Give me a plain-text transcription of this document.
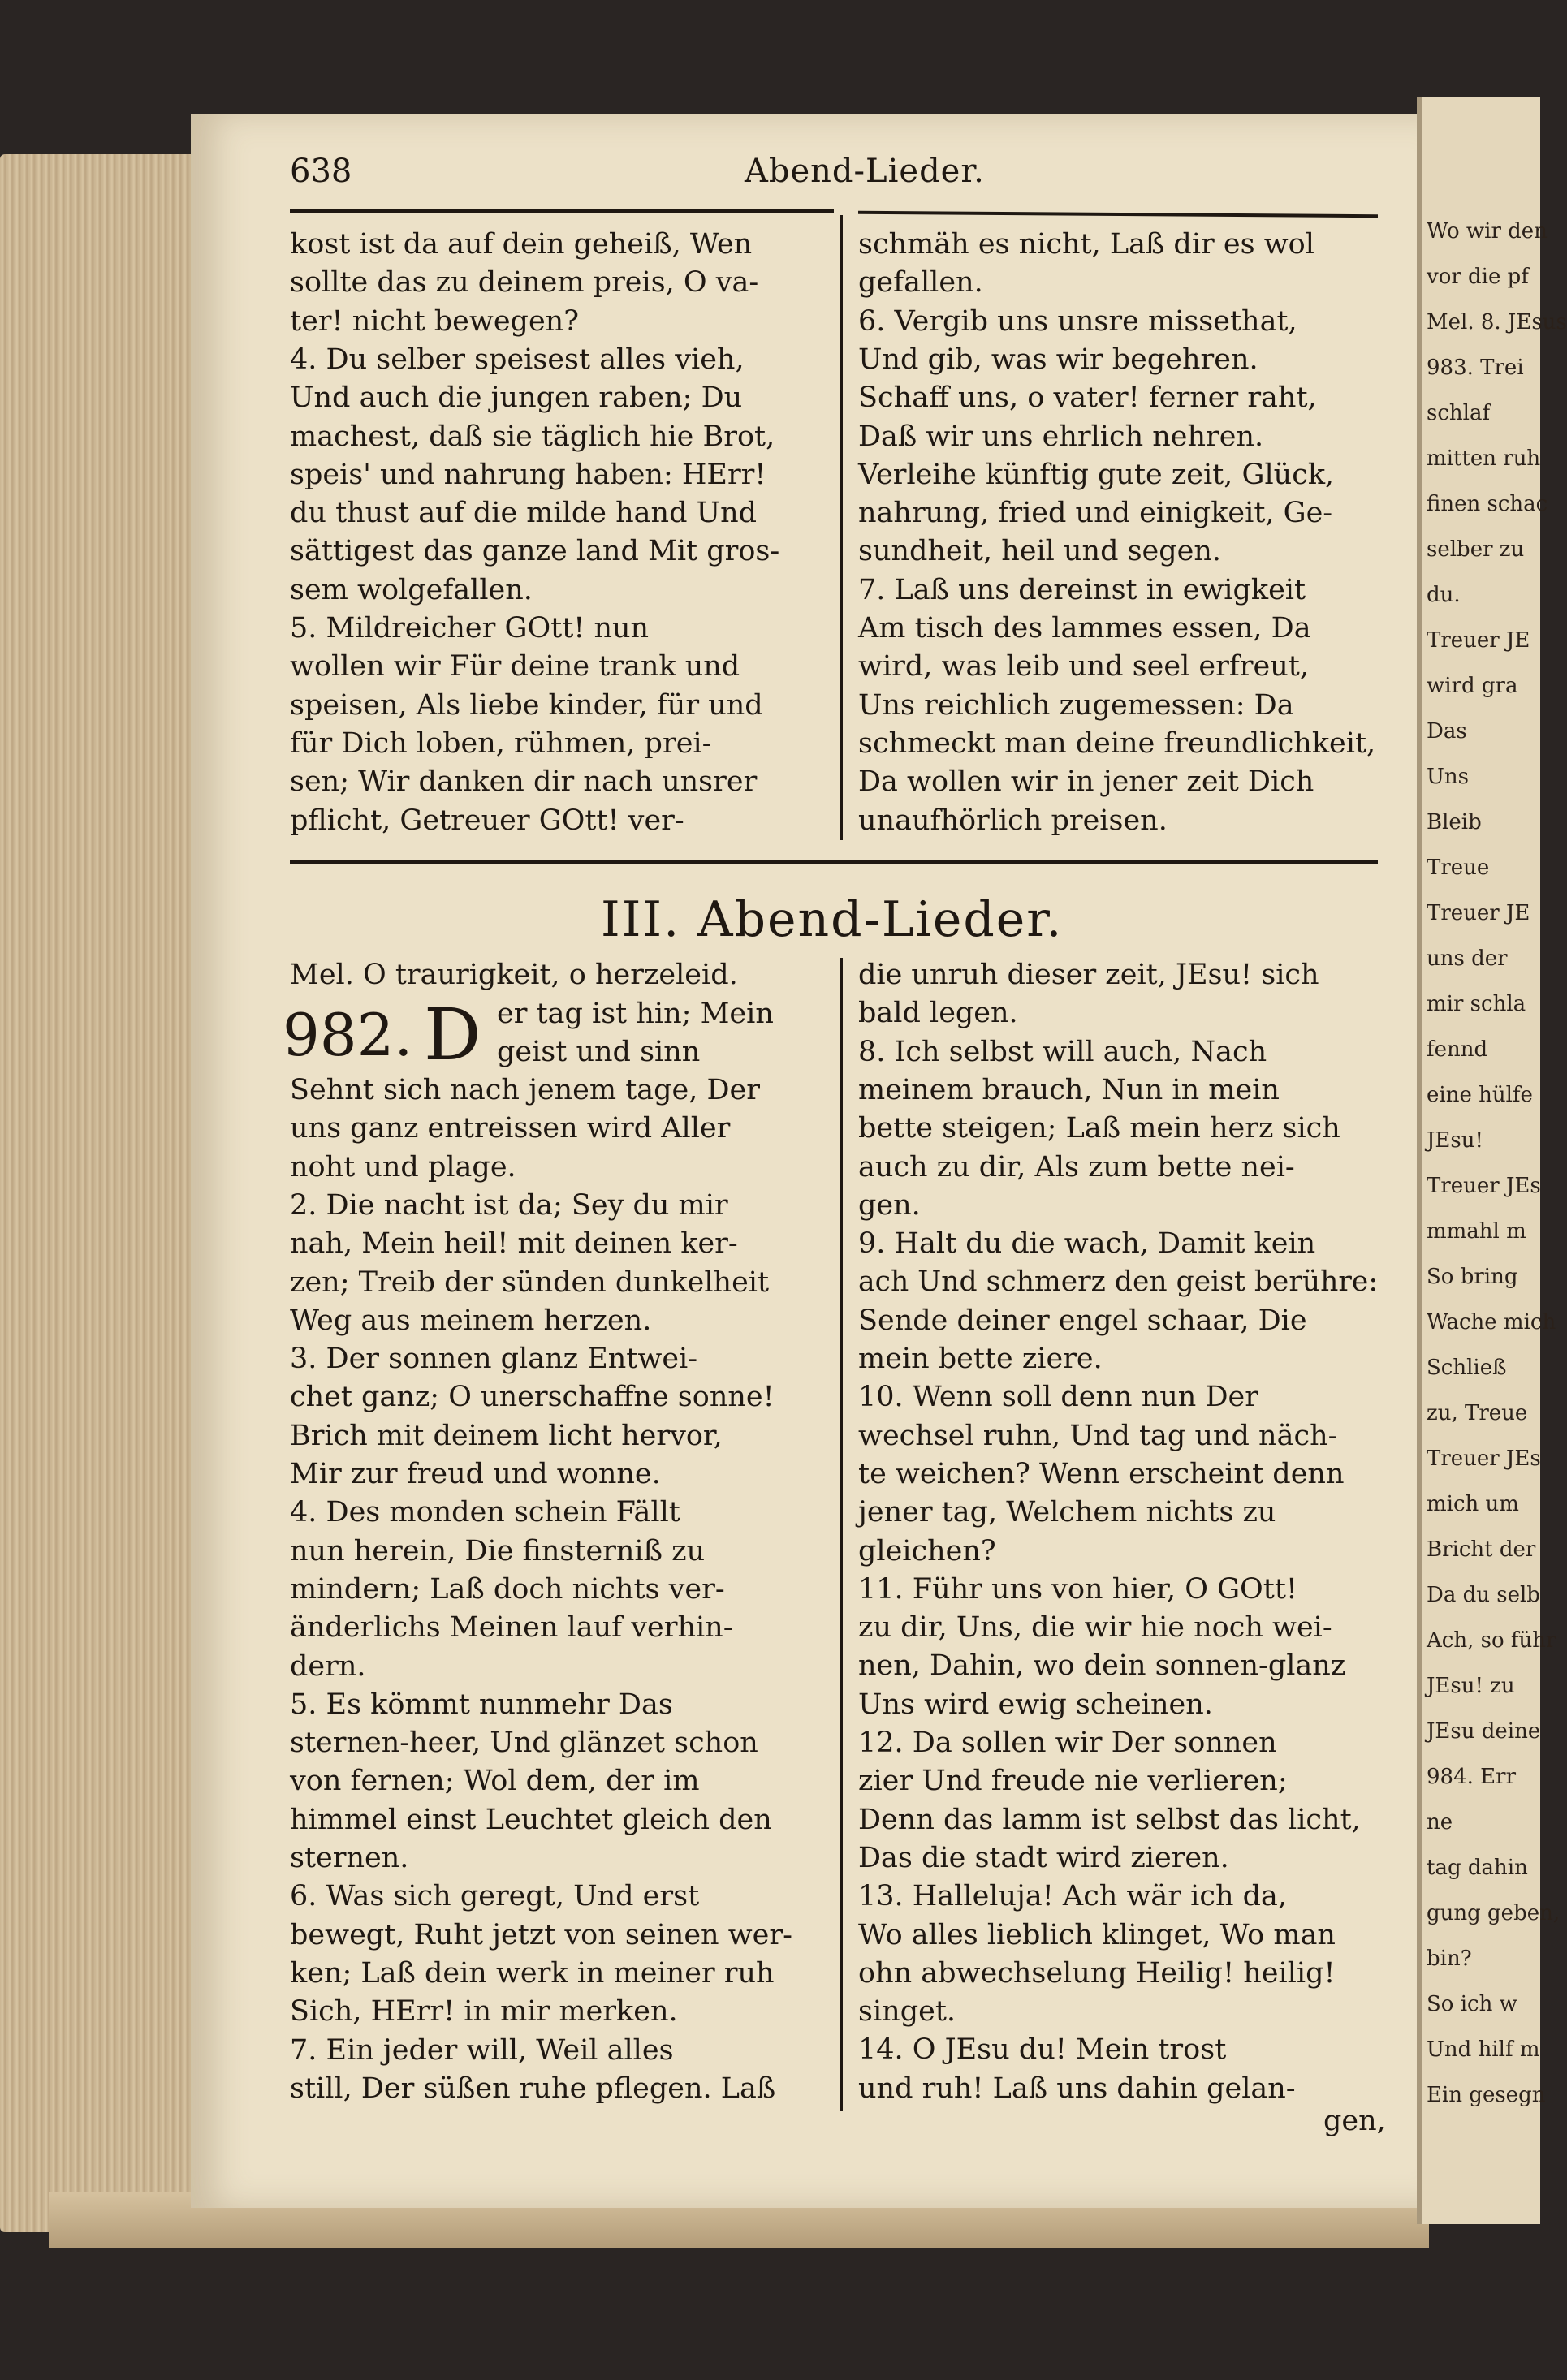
Wo wir den
vor die pf
Mel. 8. JEsus
983. Trei
schlaf
mitten ruh
finen schac
selber zu
du.
Treuer JE
wird gra
Das
Uns
Bleib
Treue
Treuer JE
uns der
mir schla
fennd
eine hülfe
JEsu!
Treuer JEs
mmahl m
So bring
Wache mich
Schließ
zu, Treue
Treuer JEs
mich um
Bricht der
Da du selb
Ach, so führ
JEsu! zu
JEsu deine
984. Err
ne
tag dahin
gung geben,
bin?
So ich w
Und hilf m
Ein gesegn
638	Abend-Lieder.
III. Abend-Lieder.
Mel. O traurigkeit, o herzeleid.
982. D
kost ist da auf dein geheiß, Wen
sollte das zu deinem preis, O va-
ter! nicht bewegen?
4. Du selber speisest alles vieh,
Und auch die jungen raben; Du
machest, daß sie täglich hie Brot,
speis' und nahrung haben: HErr!
du thust auf die milde hand Und
sättigest das ganze land Mit gros-
sem wolgefallen.
5. Mildreicher GOtt! nun
wollen wir Für deine trank und
speisen, Als liebe kinder, für und
für Dich loben, rühmen, prei-
sen; Wir danken dir nach unsrer
pflicht, Getreuer GOtt! ver-
schmäh es nicht, Laß dir es wol
gefallen.
6. Vergib uns unsre missethat,
Und gib, was wir begehren.
Schaff uns, o vater! ferner raht,
Daß wir uns ehrlich nehren.
Verleihe künftig gute zeit, Glück,
nahrung, fried und einigkeit, Ge-
sundheit, heil und segen.
7. Laß uns dereinst in ewigkeit
Am tisch des lammes essen, Da
wird, was leib und seel erfreut,
Uns reichlich zugemessen: Da
schmeckt man deine freundlichkeit,
Da wollen wir in jener zeit Dich
unaufhörlich preisen.
er tag ist hin; Mein
geist und sinn
Sehnt sich nach jenem tage, Der
uns ganz entreissen wird Aller
noht und plage.
2. Die nacht ist da; Sey du mir
nah, Mein heil! mit deinen ker-
zen; Treib der sünden dunkelheit
Weg aus meinem herzen.
3. Der sonnen glanz Entwei-
chet ganz; O unerschaffne sonne!
Brich mit deinem licht hervor,
Mir zur freud und wonne.
4. Des monden schein Fällt
nun herein, Die finsterniß zu
mindern; Laß doch nichts ver-
änderlichs Meinen lauf verhin-
dern.
5. Es kömmt nunmehr Das
sternen-heer, Und glänzet schon
von fernen; Wol dem, der im
himmel einst Leuchtet gleich den
sternen.
6. Was sich geregt, Und erst
bewegt, Ruht jetzt von seinen wer-
ken; Laß dein werk in meiner ruh
Sich, HErr! in mir merken.
7. Ein jeder will, Weil alles
still, Der süßen ruhe pflegen. Laß
die unruh dieser zeit, JEsu! sich
bald legen.
8. Ich selbst will auch, Nach
meinem brauch, Nun in mein
bette steigen; Laß mein herz sich
auch zu dir, Als zum bette nei-
gen.
9. Halt du die wach, Damit kein
ach Und schmerz den geist berühre:
Sende deiner engel schaar, Die
mein bette ziere.
10. Wenn soll denn nun Der
wechsel ruhn, Und tag und näch-
te weichen? Wenn erscheint denn
jener tag, Welchem nichts zu
gleichen?
11. Führ uns von hier, O GOtt!
zu dir, Uns, die wir hie noch wei-
nen, Dahin, wo dein sonnen-glanz
Uns wird ewig scheinen.
12. Da sollen wir Der sonnen
zier Und freude nie verlieren;
Denn das lamm ist selbst das licht,
Das die stadt wird zieren.
13. Halleluja! Ach wär ich da,
Wo alles lieblich klinget, Wo man
ohn abwechselung Heilig! heilig!
singet.
14. O JEsu du! Mein trost
und ruh! Laß uns dahin gelan-
gen,
